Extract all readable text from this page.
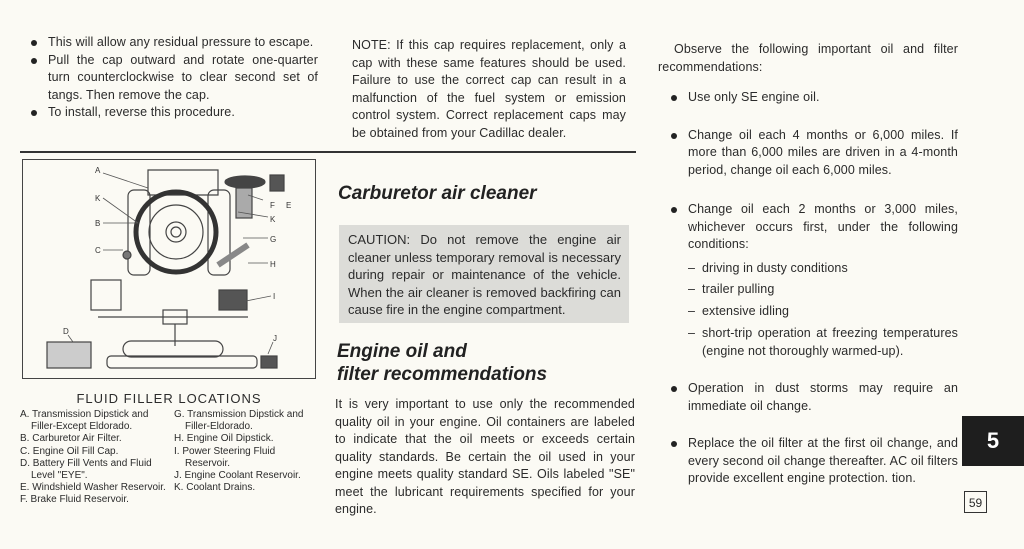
This will allow any residual pressure to escape.
Pull the cap outward and rotate one-quarter turn counterclockwise to clear second set of tangs. Then remove the cap.
To install, reverse this procedure.
A
K
B
C
D
E
F
K
G
H
I
J
FLUID FILLER LOCATIONS
A. Transmission Dipstick and Filler-Except Eldorado.
B. Carburetor Air Filter.
C. Engine Oil Fill Cap.
D. Battery Fill Vents and Fluid Level "EYE".
E. Windshield Washer Reservoir.
F. Brake Fluid Reservoir.
G. Transmission Dipstick and Filler-Eldorado.
H. Engine Oil Dipstick.
I. Power Steering Fluid Reservoir.
J. Engine Coolant Reservoir.
K. Coolant Drains.
NOTE: If this cap requires replacement, only a cap with these same features should be used. Failure to use the correct cap can result in a malfunction of the fuel system or emission control system. Correct replacement caps may be obtained from your Cadillac dealer.
Carburetor air cleaner
CAUTION: Do not remove the engine air cleaner unless temporary removal is necessary during repair or maintenance of the vehicle. When the air cleaner is removed backfiring can cause fire in the engine compartment.
Engine oil and
filter recommendations
It is very important to use only the recommended quality oil in your engine. Oil containers are labeled to indicate that the oil meets or exceeds certain quality standards. Be certain the oil used in your engine meets quality standard SE. Oils labeled "SE" meet the lubricant requirements specified for your engine.
Observe the following important oil and filter recommendations:
Use only SE engine oil.
Change oil each 4 months or 6,000 miles. If more than 6,000 miles are driven in a 4-month period, change oil each 6,000 miles.
Change oil each 2 months or 3,000 miles, whichever occurs first, under the following conditions:
– driving in dusty conditions
– trailer pulling
– extensive idling
– short-trip operation at freezing temperatures (engine not thoroughly warmed-up).
Operation in dust storms may require an immediate oil change.
Replace the oil filter at the first oil change, and every second oil change thereafter. AC oil filters provide excellent engine protection. tion.
5
59
